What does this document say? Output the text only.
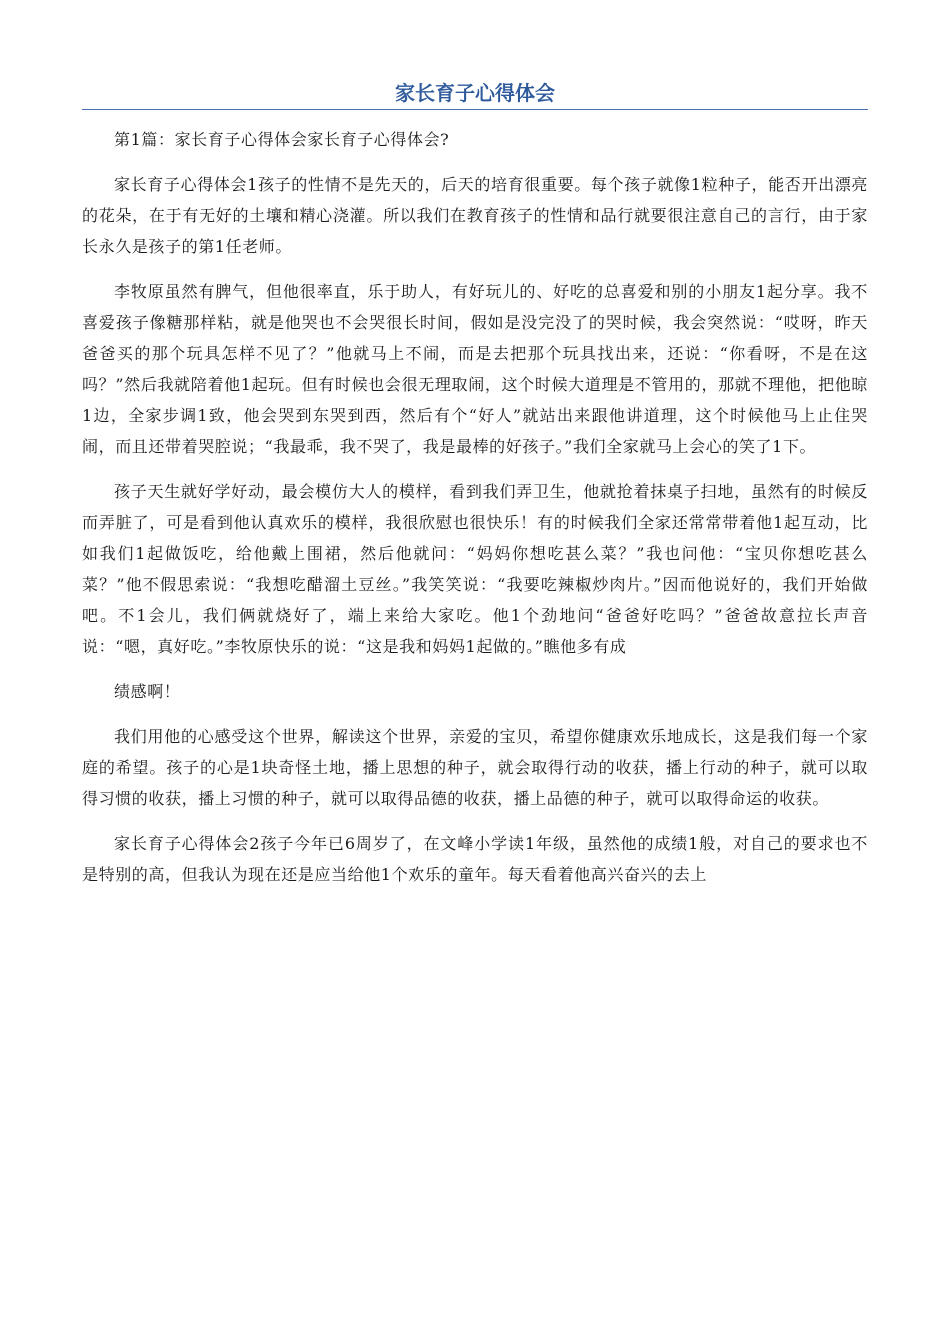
家长育子心得体会

第1篇：家长育子心得体会家长育子心得体会?

家长育子心得体会1孩子的性情不是先天的，后天的培育很重要。每个孩子就像1粒种子，能否开出漂亮的花朵，在于有无好的土壤和精心浇灌。所以我们在教育孩子的性情和品行就要很注意自己的言行，由于家长永久是孩子的第1任老师。

李牧原虽然有脾气，但他很率直，乐于助人，有好玩儿的、好吃的总喜爱和别的小朋友1起分享。我不喜爱孩子像糖那样粘，就是他哭也不会哭很长时间，假如是没完没了的哭时候，我会突然说：“哎呀，昨天爸爸买的那个玩具怎样不见了？”他就马上不闹，而是去把那个玩具找出来，还说：“你看呀，不是在这吗？”然后我就陪着他1起玩。但有时候也会很无理取闹，这个时候大道理是不管用的，那就不理他，把他晾1边，全家步调1致，他会哭到东哭到西，然后有个“好人”就站出来跟他讲道理，这个时候他马上止住哭闹，而且还带着哭腔说；“我最乖，我不哭了，我是最棒的好孩子。”我们全家就马上会心的笑了1下。

孩子天生就好学好动，最会模仿大人的模样，看到我们弄卫生，他就抢着抹桌子扫地，虽然有的时候反而弄脏了，可是看到他认真欢乐的模样，我很欣慰也很快乐！有的时候我们全家还常常带着他1起互动，比如我们1起做饭吃，给他戴上围裙，然后他就问：“妈妈你想吃甚么菜？”我也问他：“宝贝你想吃甚么菜？”他不假思索说：“我想吃醋溜土豆丝。”我笑笑说：“我要吃辣椒炒肉片。”因而他说好的，我们开始做吧。不1会儿，我们俩就烧好了，端上来给大家吃。他1个劲地问“爸爸好吃吗？”爸爸故意拉长声音说：“嗯，真好吃。”李牧原快乐的说：“这是我和妈妈1起做的。”瞧他多有成

绩感啊！

我们用他的心感受这个世界，解读这个世界，亲爱的宝贝，希望你健康欢乐地成长，这是我们每一个家庭的希望。孩子的心是1块奇怪土地，播上思想的种子，就会取得行动的收获，播上行动的种子，就可以取得习惯的收获，播上习惯的种子，就可以取得品德的收获，播上品德的种子，就可以取得命运的收获。

家长育子心得体会2孩子今年已6周岁了，在文峰小学读1年级，虽然他的成绩1般，对自己的要求也不是特别的高，但我认为现在还是应当给他1个欢乐的童年。每天看着他高兴奋兴的去上
